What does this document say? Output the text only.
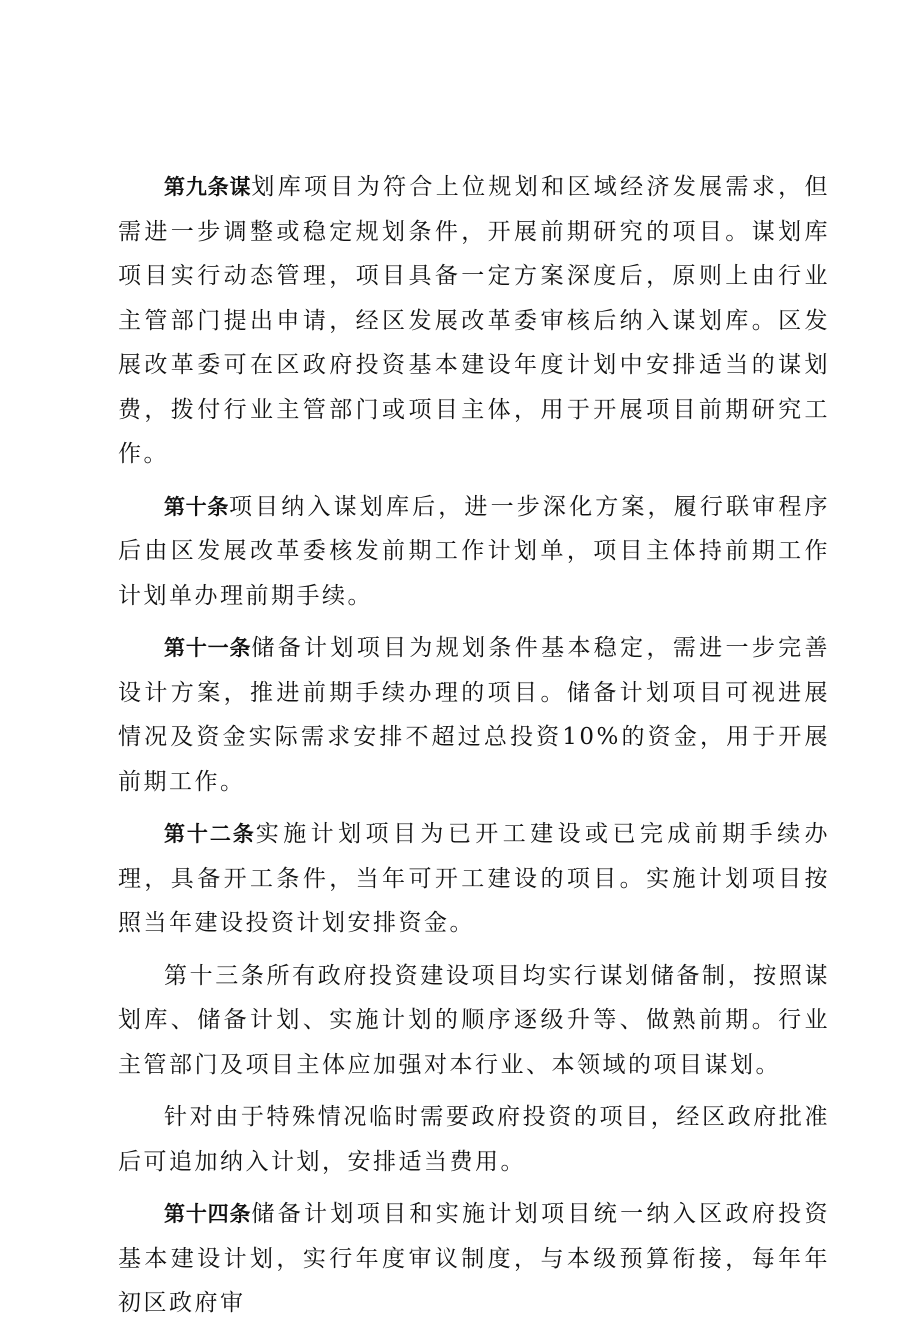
第九条谋划库项目为符合上位规划和区域经济发展需求，但需进一步调整或稳定规划条件，开展前期研究的项目。谋划库项目实行动态管理，项目具备一定方案深度后，原则上由行业主管部门提出申请，经区发展改革委审核后纳入谋划库。区发展改革委可在区政府投资基本建设年度计划中安排适当的谋划费，拨付行业主管部门或项目主体，用于开展项目前期研究工作。

第十条项目纳入谋划库后，进一步深化方案，履行联审程序后由区发展改革委核发前期工作计划单，项目主体持前期工作计划单办理前期手续。

第十一条储备计划项目为规划条件基本稳定，需进一步完善设计方案，推进前期手续办理的项目。储备计划项目可视进展情况及资金实际需求安排不超过总投资10%的资金，用于开展前期工作。

第十二条实施计划项目为已开工建设或已完成前期手续办理，具备开工条件，当年可开工建设的项目。实施计划项目按照当年建设投资计划安排资金。

第十三条所有政府投资建设项目均实行谋划储备制，按照谋划库、储备计划、实施计划的顺序逐级升等、做熟前期。行业主管部门及项目主体应加强对本行业、本领域的项目谋划。

针对由于特殊情况临时需要政府投资的项目，经区政府批准后可追加纳入计划，安排适当费用。

第十四条储备计划项目和实施计划项目统一纳入区政府投资基本建设计划，实行年度审议制度，与本级预算衔接，每年年初区政府审
